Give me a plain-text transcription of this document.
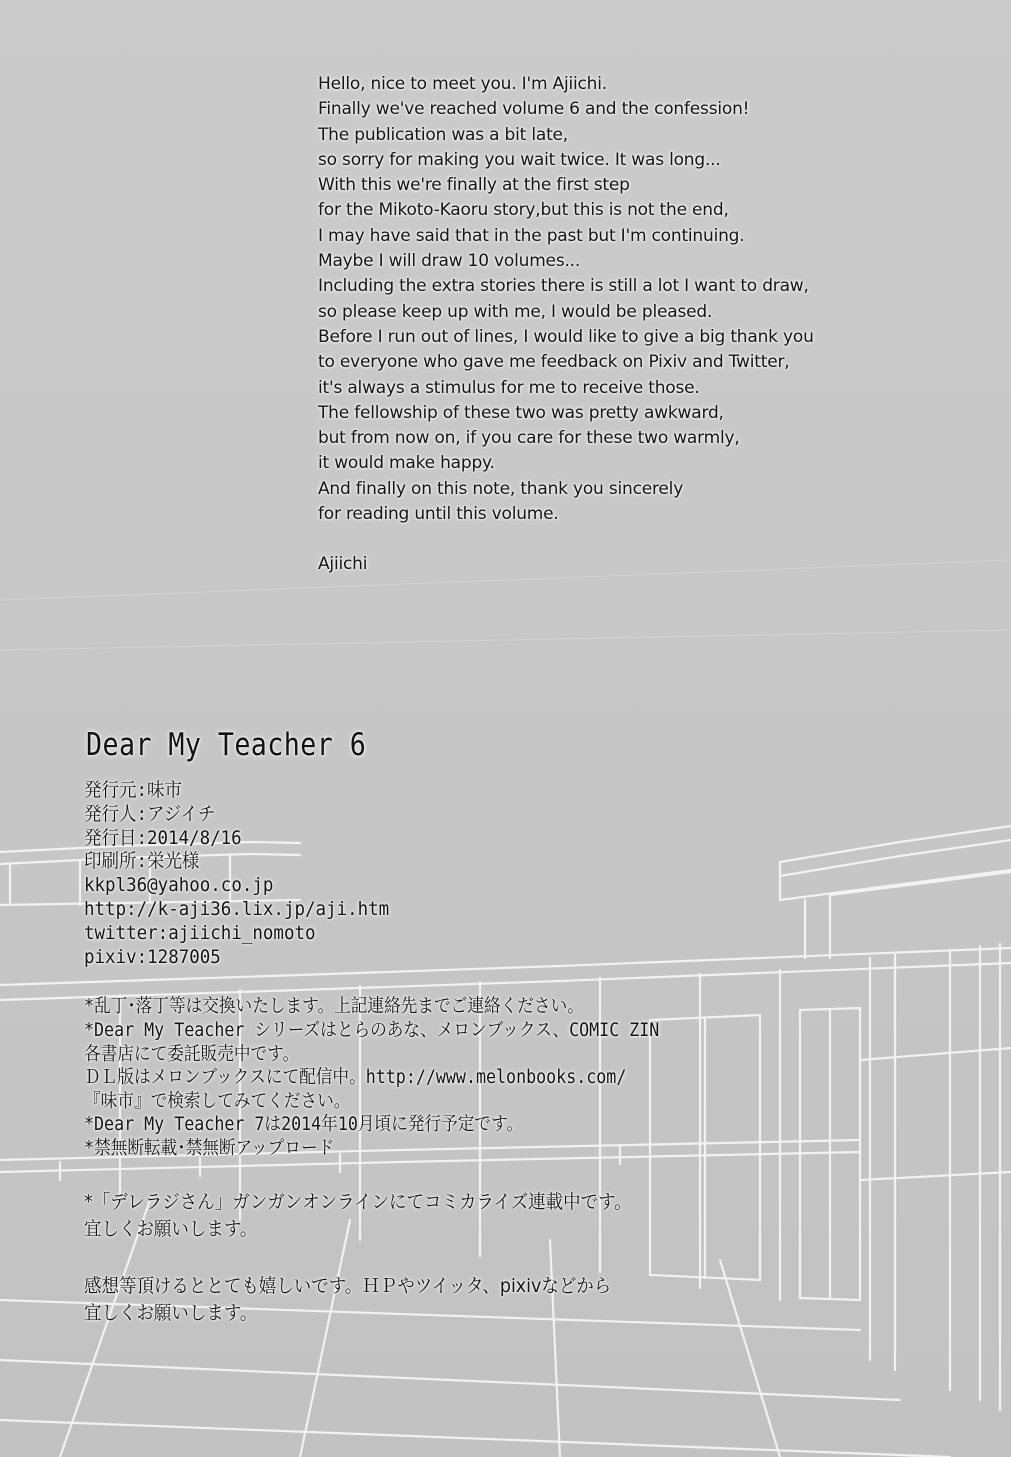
Hello, nice to meet you. I'm Ajiichi.
Finally we've reached volume 6 and the confession!
The publication was a bit late,
so sorry for making you wait twice. It was long...
With this we're finally at the first step
for the Mikoto-Kaoru story,but this is not the end,
I may have said that in the past but I'm continuing.
Maybe I will draw 10 volumes...
Including the extra stories there is still a lot I want to draw,
so please keep up with me, I would be pleased.
Before I run out of lines, I would like to give a big thank you
to everyone who gave me feedback on Pixiv and Twitter,
it's always a stimulus for me to receive those.
The fellowship of these two was pretty awkward,
but from now on, if you care for these two warmly,
it would make happy.
And finally on this note, thank you sincerely
for reading until this volume.
Ajiichi
Dear My Teacher 6
発行元:味市
発行人:アジイチ
発行日:2014/8/16
印刷所:栄光様
kkpl36@yahoo.co.jp
http://k-aji36.lix.jp/aji.htm
twitter:ajiichi_nomoto
pixiv:1287005
*乱丁･落丁等は交換いたします。上記連絡先までご連絡ください。
*Dear My Teacher シリーズはとらのあな、メロンブックス、COMIC ZIN
各書店にて委託販売中です。
ＤＬ版はメロンブックスにて配信中。http://www.melonbooks.com/
『味市』で検索してみてください。
*Dear My Teacher 7は2014年10月頃に発行予定です。
*禁無断転載･禁無断アップロード
*「デレラジさん」ガンガンオンラインにてコミカライズ連載中です。
宜しくお願いします。
感想等頂けるととても嬉しいです。ＨＰやツイッタ、pixivなどから
宜しくお願いします。
